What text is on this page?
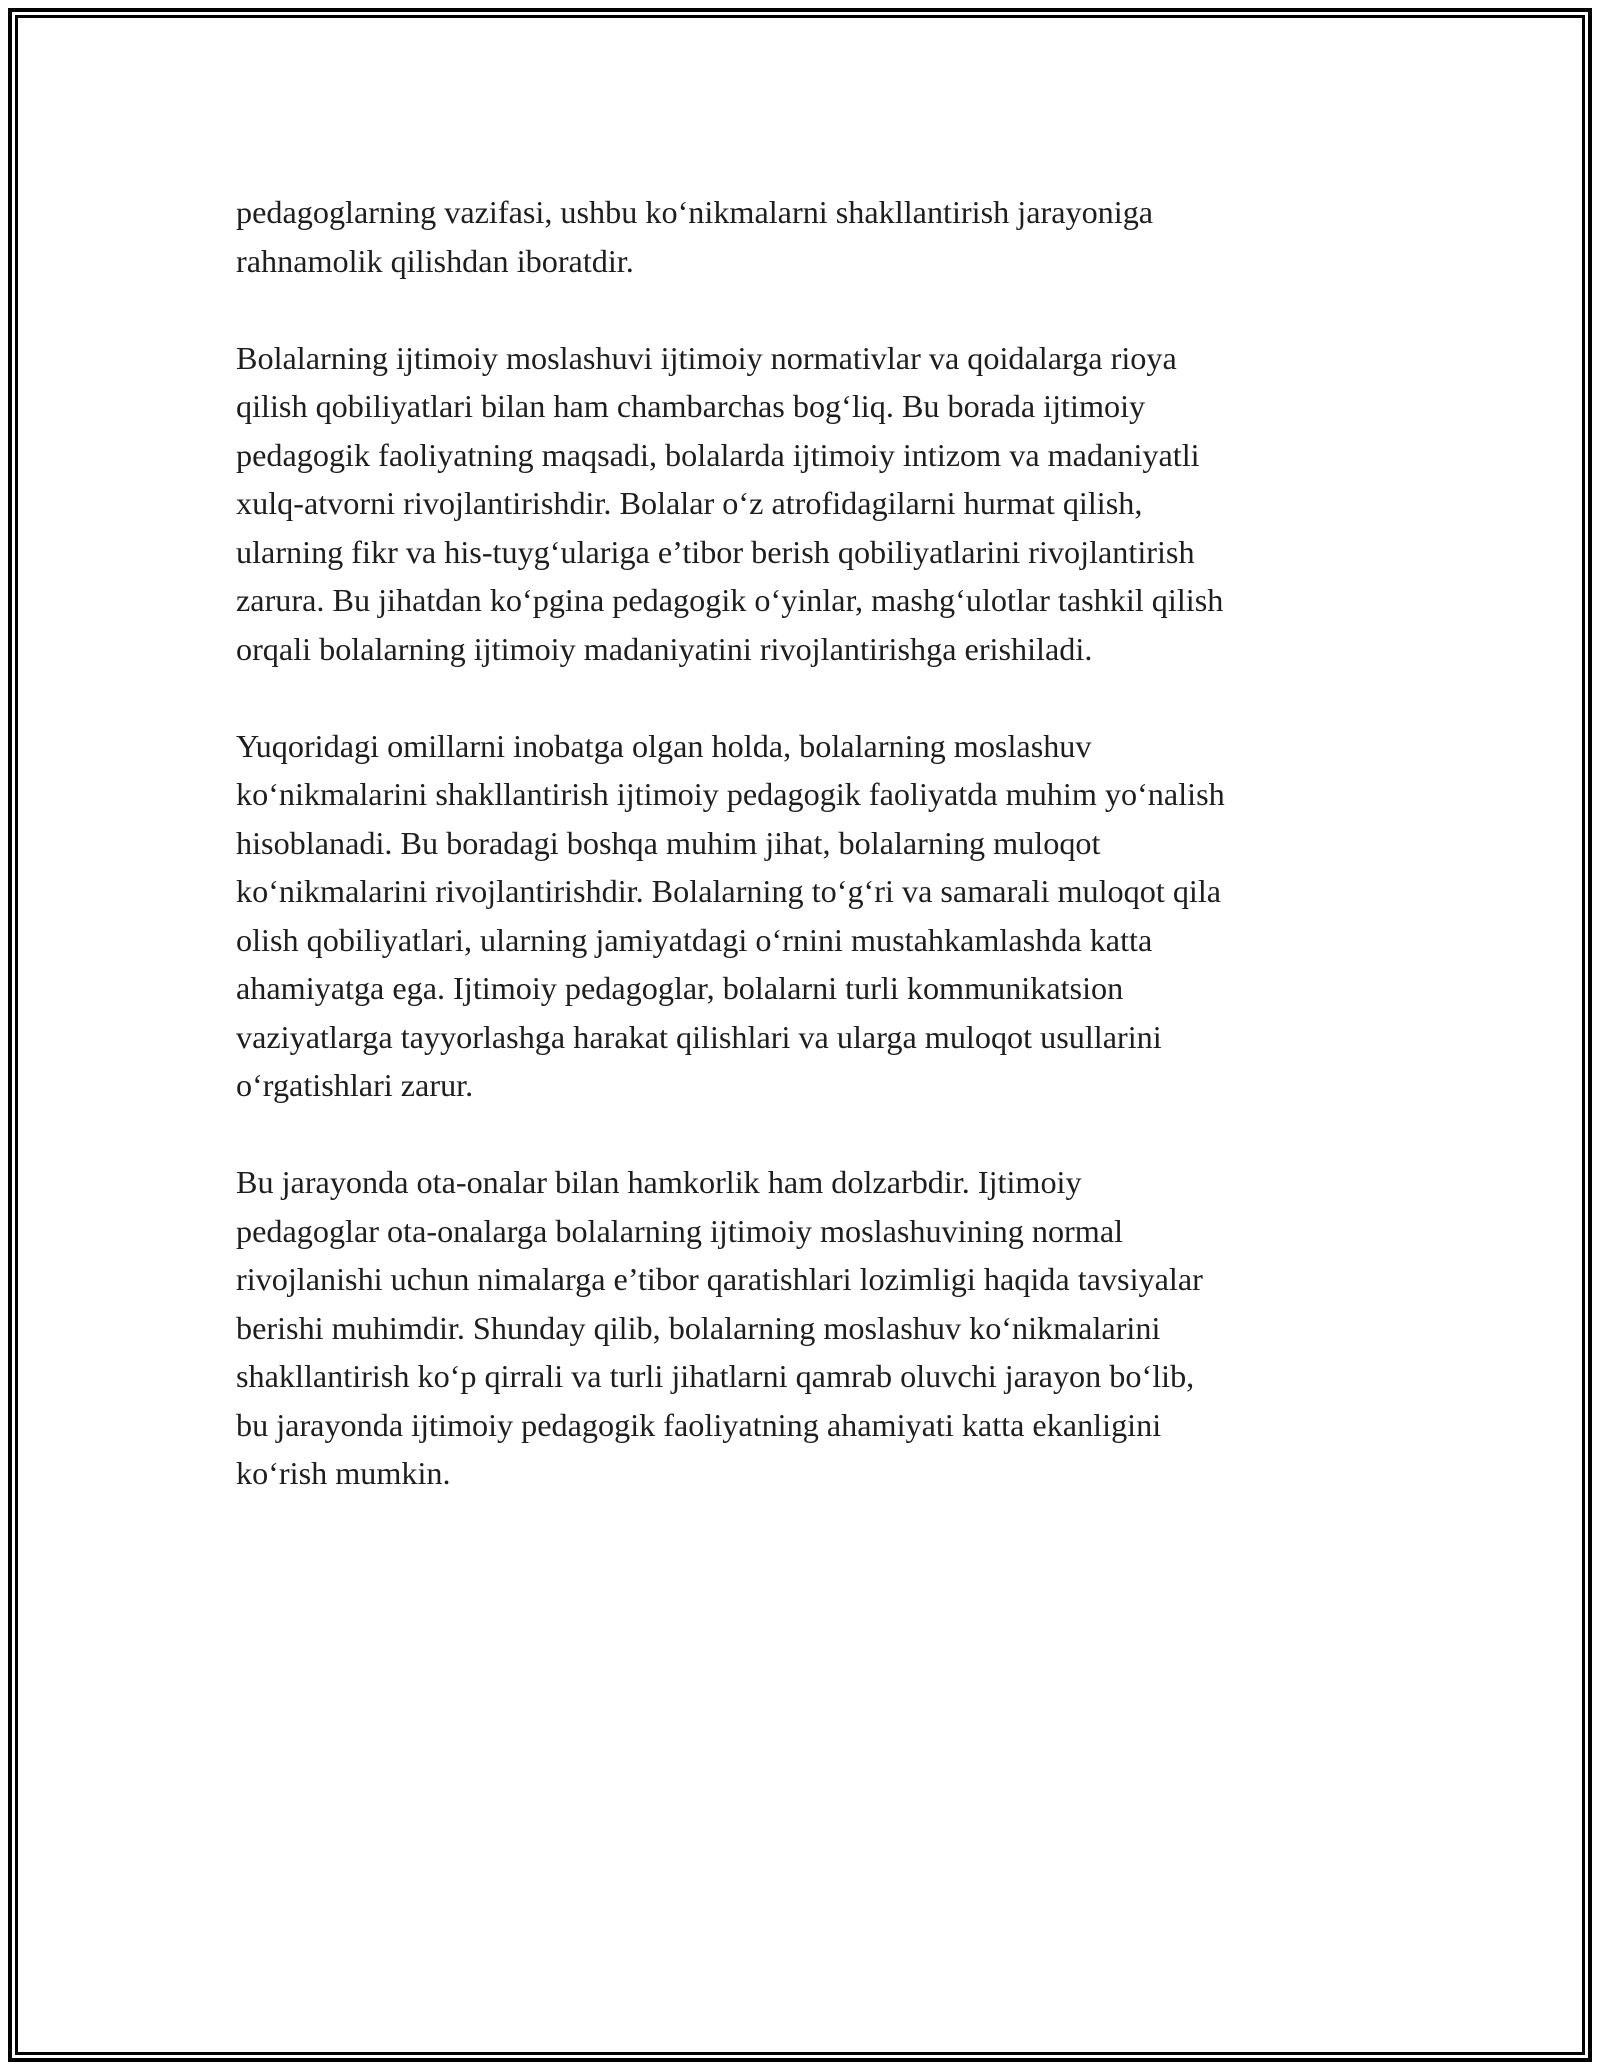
pedagoglarning vazifasi, ushbu ko‘nikmalarni shakllantirish jarayoniga
rahnamolik qilishdan iboratdir.

Bolalarning ijtimoiy moslashuvi ijtimoiy normativlar va qoidalarga rioya
qilish qobiliyatlari bilan ham chambarchas bog‘liq. Bu borada ijtimoiy
pedagogik faoliyatning maqsadi, bolalarda ijtimoiy intizom va madaniyatli
xulq-atvorni rivojlantirishdir. Bolalar o‘z atrofidagilarni hurmat qilish,
ularning fikr va his-tuyg‘ulariga e’tibor berish qobiliyatlarini rivojlantirish
zarura. Bu jihatdan ko‘pgina pedagogik o‘yinlar, mashg‘ulotlar tashkil qilish
orqali bolalarning ijtimoiy madaniyatini rivojlantirishga erishiladi.

Yuqoridagi omillarni inobatga olgan holda, bolalarning moslashuv
ko‘nikmalarini shakllantirish ijtimoiy pedagogik faoliyatda muhim yo‘nalish
hisoblanadi. Bu boradagi boshqa muhim jihat, bolalarning muloqot
ko‘nikmalarini rivojlantirishdir. Bolalarning to‘g‘ri va samarali muloqot qila
olish qobiliyatlari, ularning jamiyatdagi o‘rnini mustahkamlashda katta
ahamiyatga ega. Ijtimoiy pedagoglar, bolalarni turli kommunikatsion
vaziyatlarga tayyorlashga harakat qilishlari va ularga muloqot usullarini
o‘rgatishlari zarur.

Bu jarayonda ota-onalar bilan hamkorlik ham dolzarbdir. Ijtimoiy
pedagoglar ota-onalarga bolalarning ijtimoiy moslashuvining normal
rivojlanishi uchun nimalarga e’tibor qaratishlari lozimligi haqida tavsiyalar
berishi muhimdir. Shunday qilib, bolalarning moslashuv ko‘nikmalarini
shakllantirish ko‘p qirrali va turli jihatlarni qamrab oluvchi jarayon bo‘lib,
bu jarayonda ijtimoiy pedagogik faoliyatning ahamiyati katta ekanligini
ko‘rish mumkin.
